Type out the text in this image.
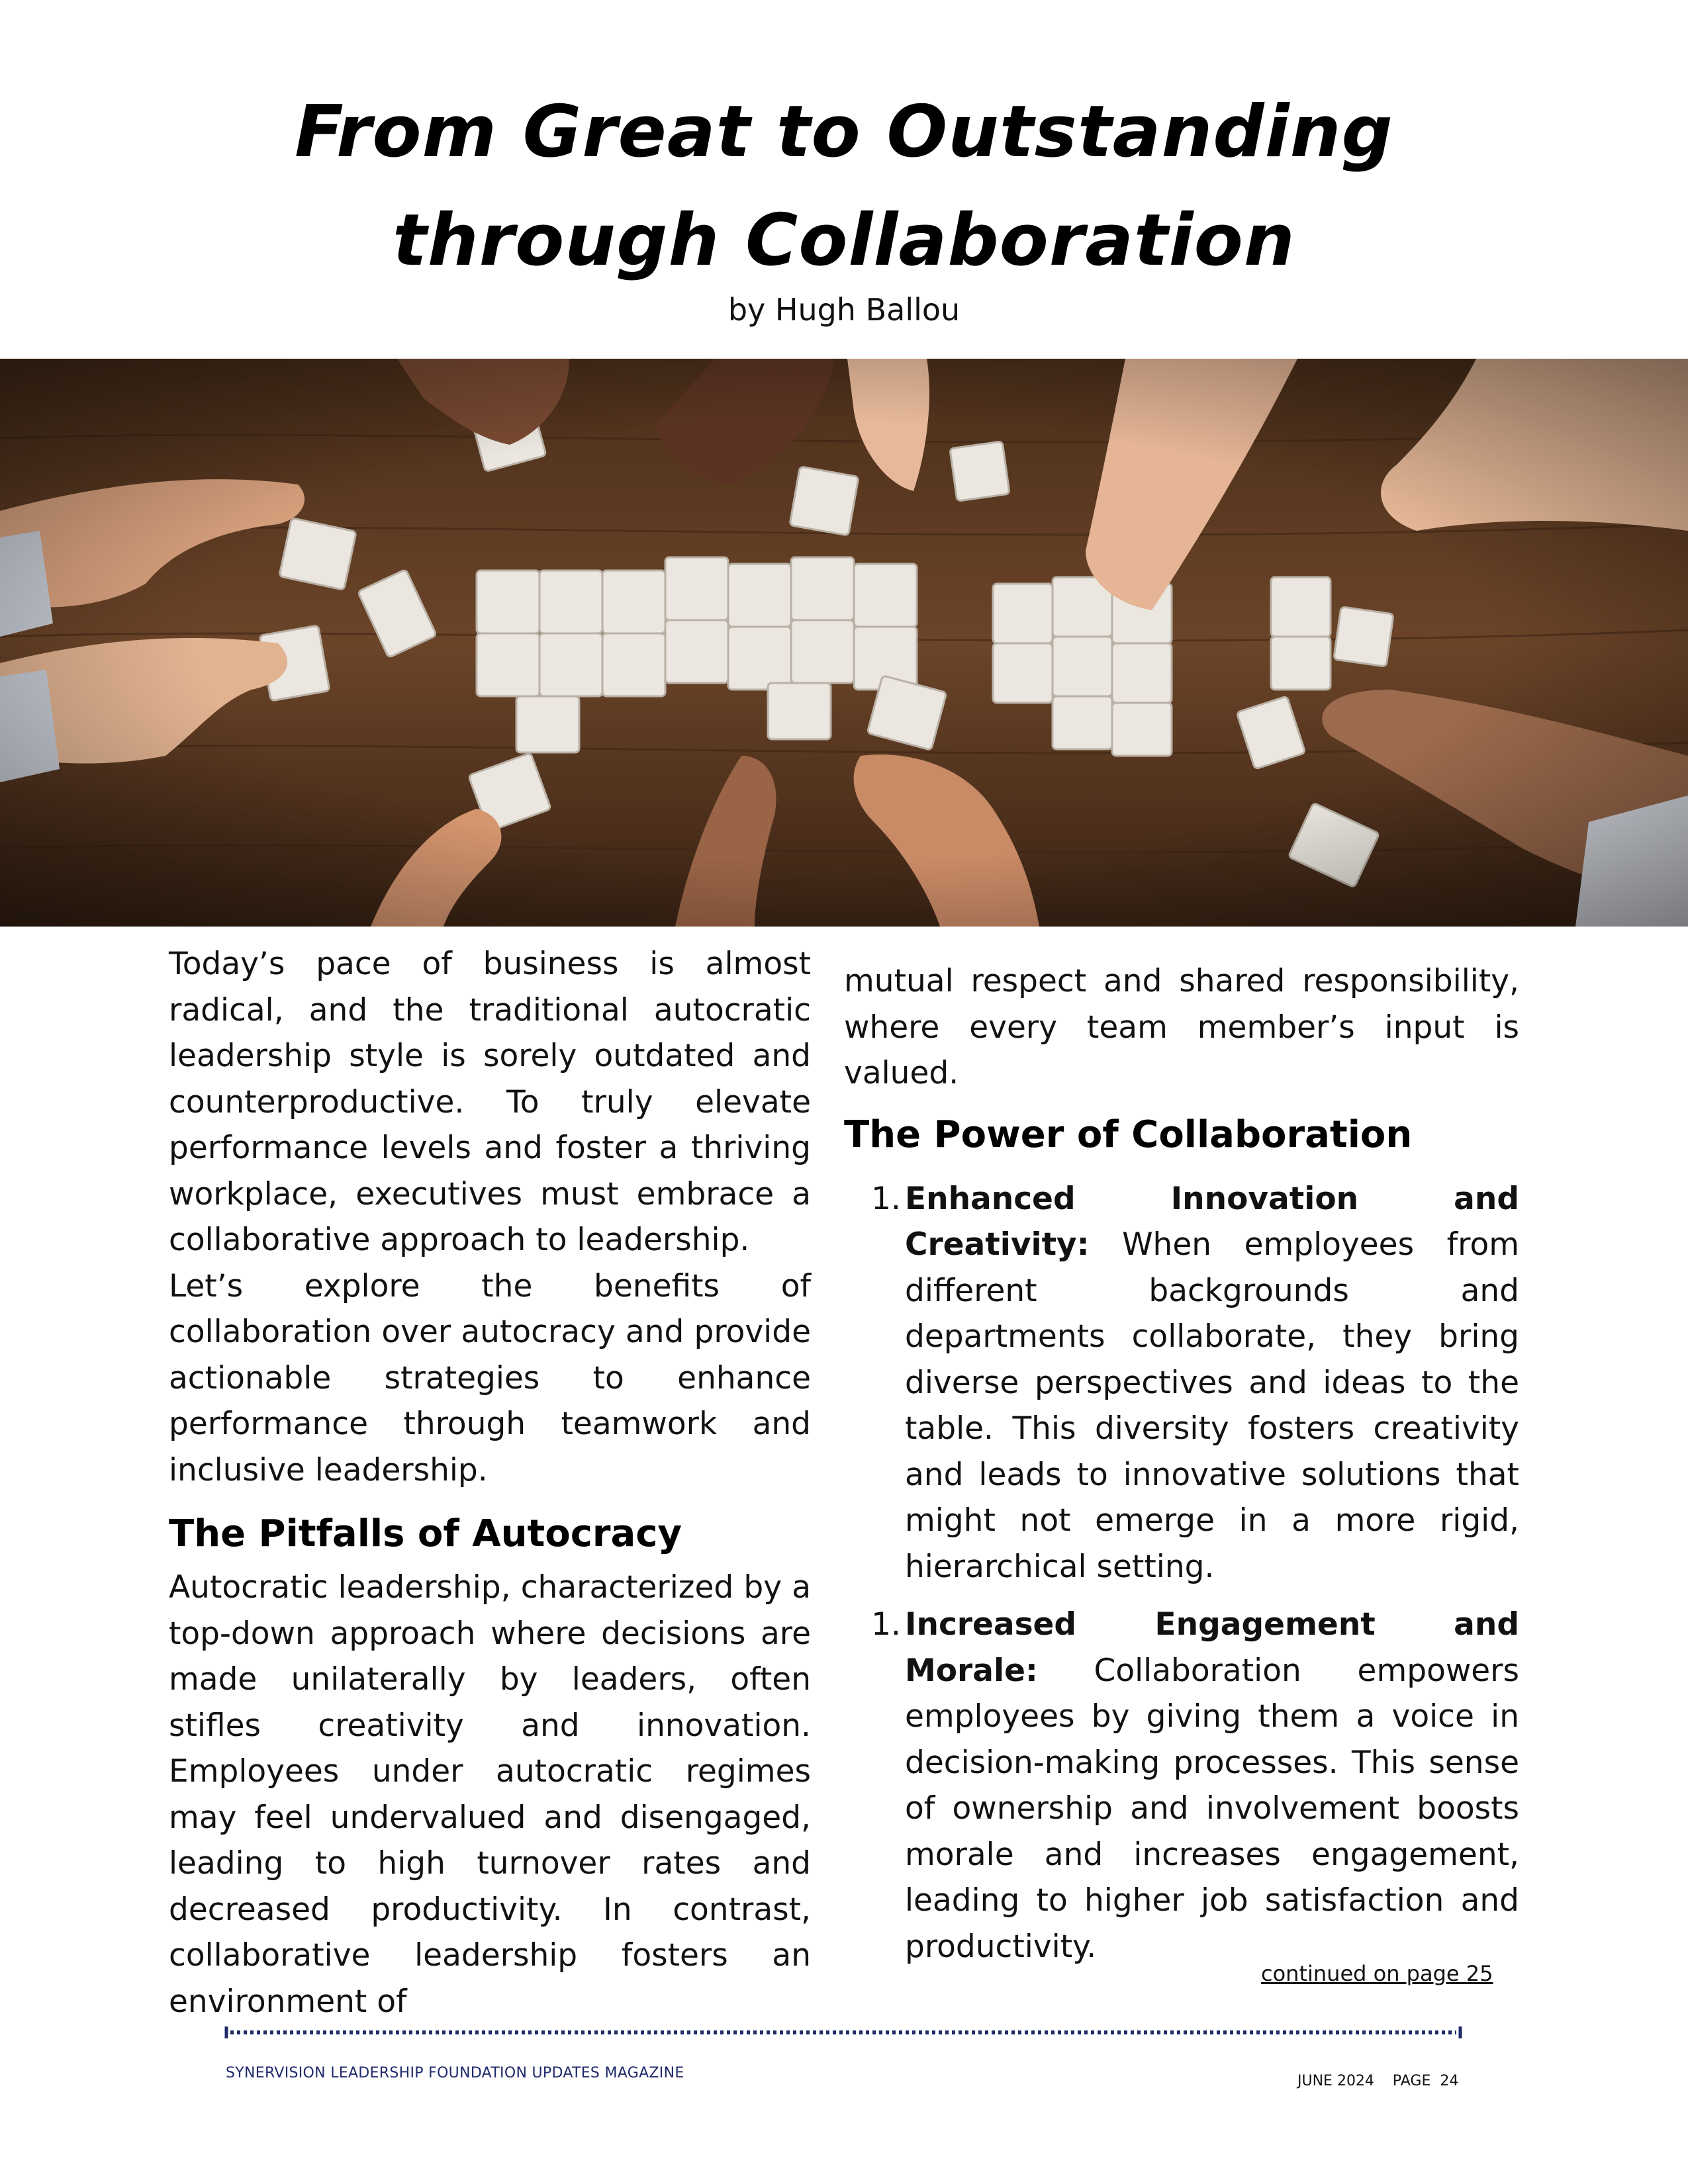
From Great to Outstanding
through Collaboration

by Hugh Ballou

Today’s pace of business is almost radical, and the traditional autocratic leadership style is sorely outdated and counterproductive. To truly elevate performance levels and foster a thriving workplace, executives must embrace a collaborative approach to leadership.

Let’s explore the benefits of collaboration over autocracy and provide actionable strategies to enhance performance through teamwork and inclusive leadership.

The Pitfalls of Autocracy

Autocratic leadership, characterized by a top-down approach where decisions are made unilaterally by leaders, often stifles creativity and innovation. Employees under autocratic regimes may feel undervalued and disengaged, leading to high turnover rates and decreased productivity. In contrast, collaborative leadership fosters an environment of

mutual respect and shared responsibility, where every team member’s input is valued.

The Power of Collaboration
1. Enhanced Innovation and Creativity: When employees from different backgrounds and departments collaborate, they bring diverse perspectives and ideas to the table. This diversity fosters creativity and leads to innovative solutions that might not emerge in a more rigid, hierarchical setting.
1. Increased Engagement and Morale: Collaboration empowers employees by giving them a voice in decision-making processes. This sense of ownership and involvement boosts morale and increases engagement, leading to higher job satisfaction and productivity.
continued on page 25
SYNERVISION LEADERSHIP FOUNDATION UPDATES MAGAZINE	JUNE 2024    PAGE  24
